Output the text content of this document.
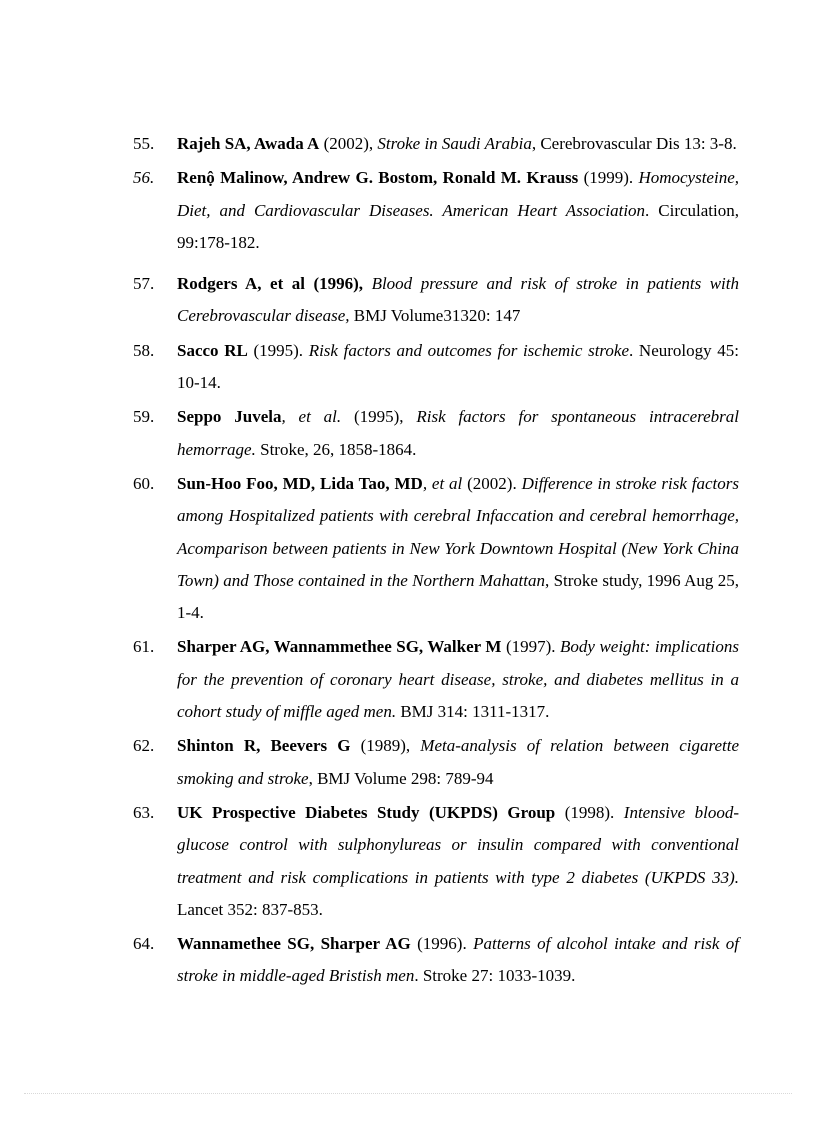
55. Rajeh SA, Awada A (2002), Stroke in Saudi Arabia, Cerebrovascular Dis 13: 3-8.
56. Renộ Malinow, Andrew G. Bostom, Ronald M. Krauss (1999). Homocysteine, Diet, and Cardiovascular Diseases. American Heart Association. Circulation, 99:178-182.
57. Rodgers A, et al (1996), Blood pressure and risk of stroke in patients with Cerebrovascular disease, BMJ Volume31320: 147
58. Sacco RL (1995). Risk factors and outcomes for ischemic stroke. Neurology 45: 10-14.
59. Seppo Juvela, et al. (1995), Risk factors for spontaneous intracerebral hemorrage. Stroke, 26, 1858-1864.
60. Sun-Hoo Foo, MD, Lida Tao, MD, et al (2002). Difference in stroke risk factors among Hospitalized patients with cerebral Infaccation and cerebral hemorrhage, Acomparison between patients in New York Downtown Hospital (New York China Town) and Those contained in the Northern Mahattan, Stroke study, 1996 Aug 25, 1-4.
61. Sharper AG, Wannammethee SG, Walker M (1997). Body weight: implications for the prevention of coronary heart disease, stroke, and diabetes mellitus in a cohort study of miffle aged men. BMJ 314: 1311-1317.
62. Shinton R, Beevers G (1989), Meta-analysis of relation between cigarette smoking and stroke, BMJ Volume 298: 789-94
63. UK Prospective Diabetes Study (UKPDS) Group (1998). Intensive blood-glucose control with sulphonylureas or insulin compared with conventional treatment and risk complications in patients with type 2 diabetes (UKPDS 33). Lancet 352: 837-853.
64. Wannamethee SG, Sharper AG (1996). Patterns of alcohol intake and risk of stroke in middle-aged Bristish men. Stroke 27: 1033-1039.
